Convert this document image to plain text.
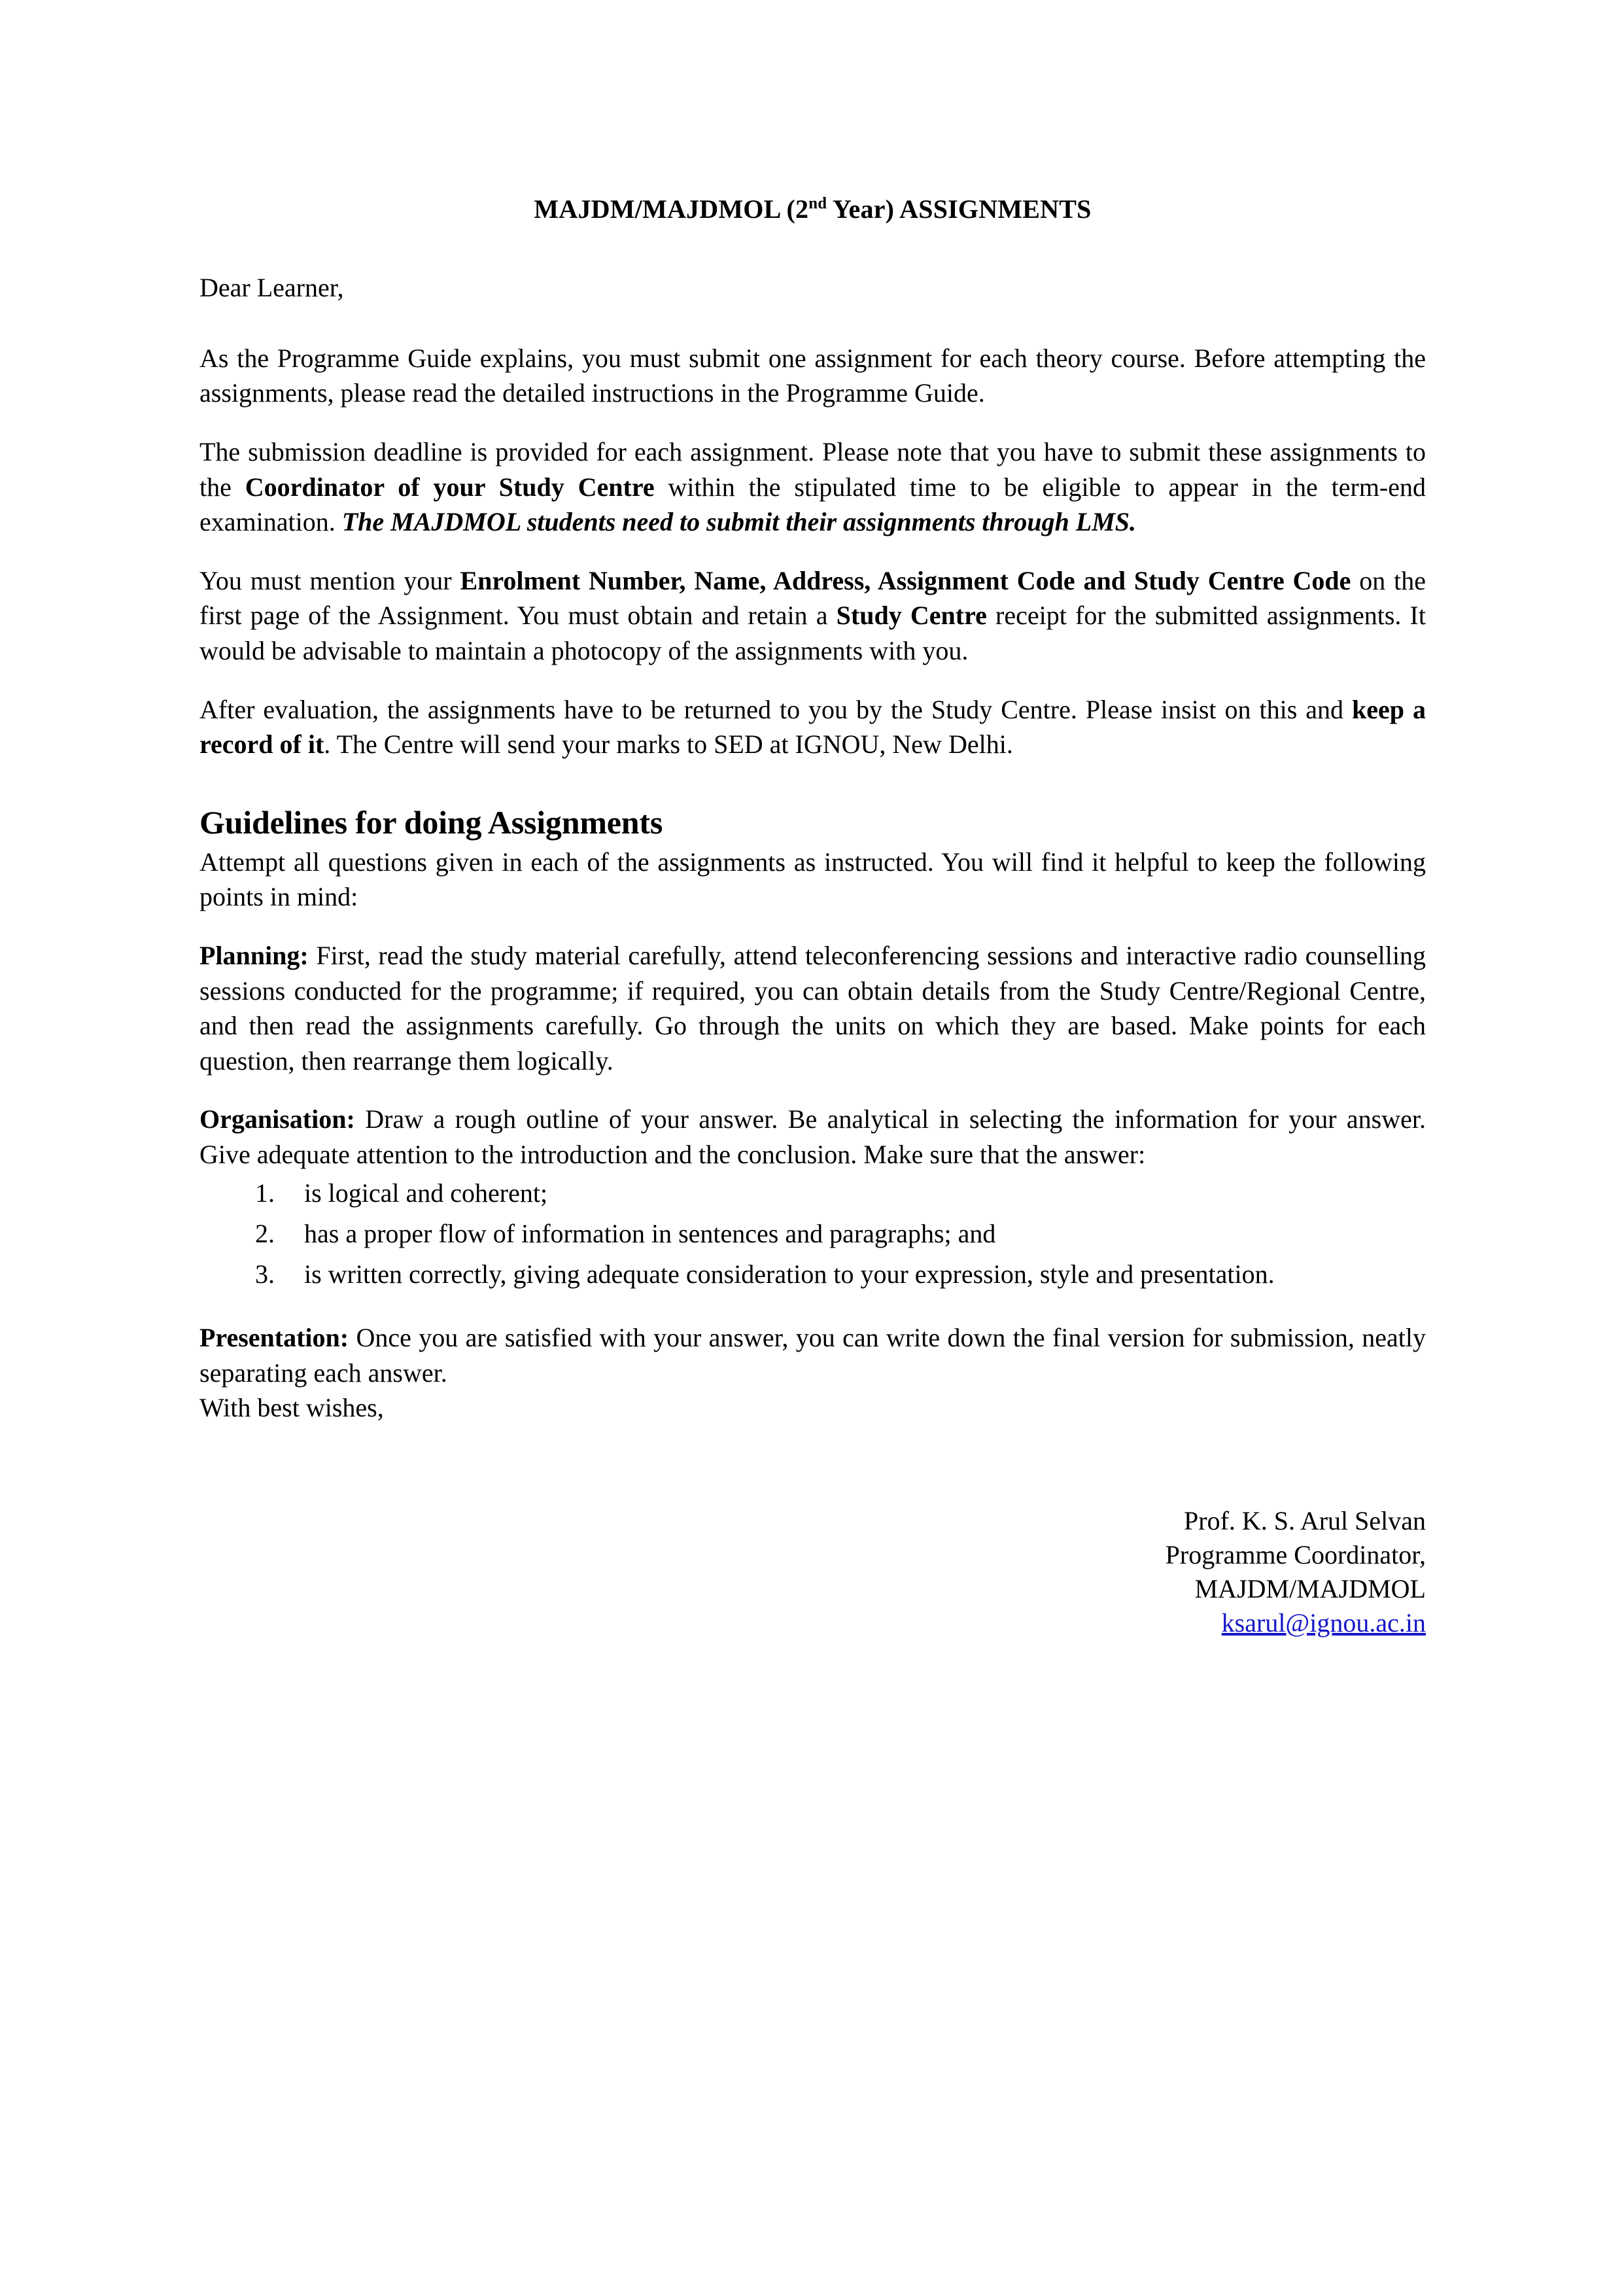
MAJDM/MAJDMOL (2nd Year) ASSIGNMENTS

Dear Learner,

As the Programme Guide explains, you must submit one assignment for each theory course. Before attempting the assignments, please read the detailed instructions in the Programme Guide.

The submission deadline is provided for each assignment. Please note that you have to submit these assignments to the Coordinator of your Study Centre within the stipulated time to be eligible to appear in the term-end examination. The MAJDMOL students need to submit their assignments through LMS.

You must mention your Enrolment Number, Name, Address, Assignment Code and Study Centre Code on the first page of the Assignment. You must obtain and retain a Study Centre receipt for the submitted assignments. It would be advisable to maintain a photocopy of the assignments with you.

After evaluation, the assignments have to be returned to you by the Study Centre. Please insist on this and keep a record of it. The Centre will send your marks to SED at IGNOU, New Delhi.

Guidelines for doing Assignments

Attempt all questions given in each of the assignments as instructed. You will find it helpful to keep the following points in mind:

Planning: First, read the study material carefully, attend teleconferencing sessions and interactive radio counselling sessions conducted for the programme; if required, you can obtain details from the Study Centre/Regional Centre, and then read the assignments carefully. Go through the units on which they are based. Make points for each question, then rearrange them logically.

Organisation: Draw a rough outline of your answer. Be analytical in selecting the information for your answer. Give adequate attention to the introduction and the conclusion. Make sure that the answer:

is logical and coherent;
has a proper flow of information in sentences and paragraphs; and
is written correctly, giving adequate consideration to your expression, style and presentation.

Presentation: Once you are satisfied with your answer, you can write down the final version for submission, neatly separating each answer.

With best wishes,

Prof. K. S. Arul Selvan
Programme Coordinator,
MAJDM/MAJDMOL
ksarul@ignou.ac.in
